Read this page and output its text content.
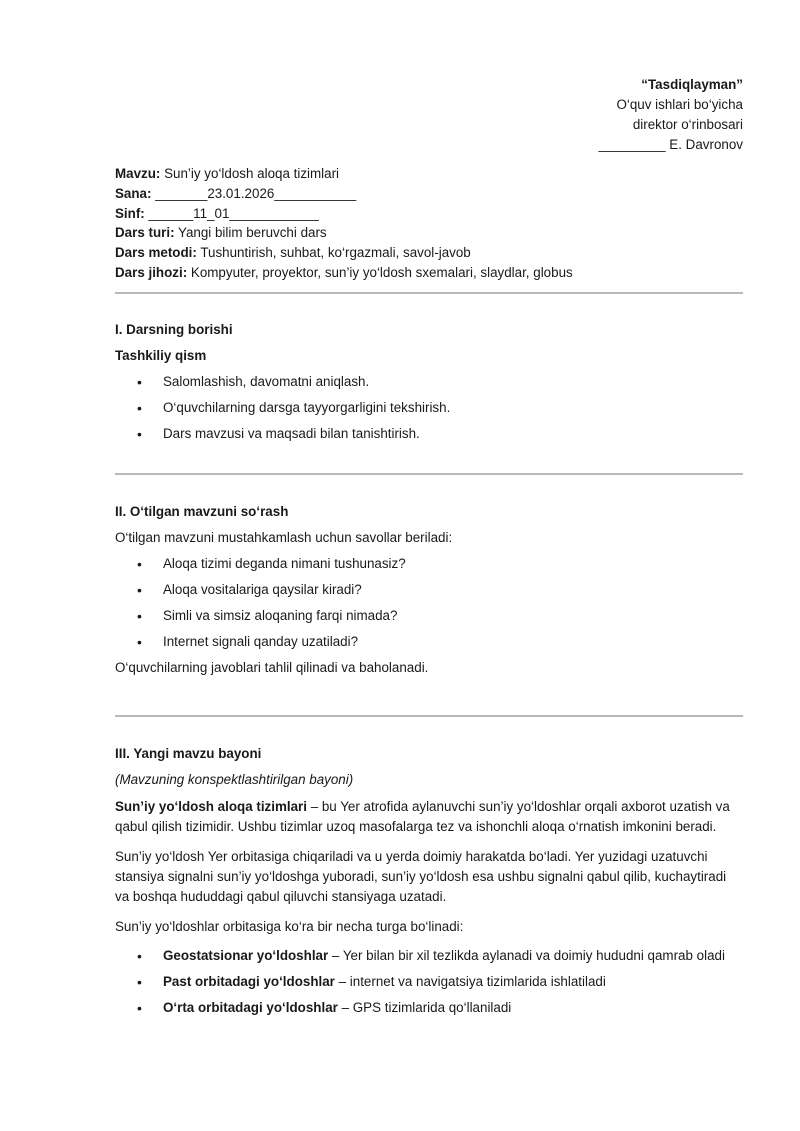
“Tasdiqlayman”
O‘quv ishlari bo‘yicha
direktor o‘rinbosari
_________ E. Davronov
Mavzu: Sun’iy yo‘ldosh aloqa tizimlari
Sana: _______23.01.2026___________
Sinf: ______11_01____________
Dars turi: Yangi bilim beruvchi dars
Dars metodi: Tushuntirish, suhbat, ko‘rgazmali, savol-javob
Dars jihozi: Kompyuter, proyektor, sun’iy yo‘ldosh sxemalari, slaydlar, globus

I. Darsning borishi

Tashkiliy qism

• Salomlashish, davomatni aniqlash.
• O‘quvchilarning darsga tayyorgarligini tekshirish.
• Dars mavzusi va maqsadi bilan tanishtirish.

II. O‘tilgan mavzuni so‘rash

O‘tilgan mavzuni mustahkamlash uchun savollar beriladi:

• Aloqa tizimi deganda nimani tushunasiz?
• Aloqa vositalariga qaysilar kiradi?
• Simli va simsiz aloqaning farqi nimada?
• Internet signali qanday uzatiladi?

O‘quvchilarning javoblari tahlil qilinadi va baholanadi.

III. Yangi mavzu bayoni

(Mavzuning konspektlashtirilgan bayoni)

Sun’iy yo‘ldosh aloqa tizimlari – bu Yer atrofida aylanuvchi sun’iy yo‘ldoshlar orqali axborot uzatish va qabul qilish tizimidir. Ushbu tizimlar uzoq masofalarga tez va ishonchli aloqa o‘rnatish imkonini beradi.

Sun’iy yo‘ldosh Yer orbitasiga chiqariladi va u yerda doimiy harakatda bo‘ladi. Yer yuzidagi uzatuvchi stansiya signalni sun’iy yo‘ldoshga yuboradi, sun’iy yo‘ldosh esa ushbu signalni qabul qilib, kuchaytiradi va boshqa hududdagi qabul qiluvchi stansiyaga uzatadi.

Sun’iy yo‘ldoshlar orbitasiga ko‘ra bir necha turga bo‘linadi:

• Geostatsionar yo‘ldoshlar – Yer bilan bir xil tezlikda aylanadi va doimiy hududni qamrab oladi
• Past orbitadagi yo‘ldoshlar – internet va navigatsiya tizimlarida ishlatiladi
• O‘rta orbitadagi yo‘ldoshlar – GPS tizimlarida qo‘llaniladi
